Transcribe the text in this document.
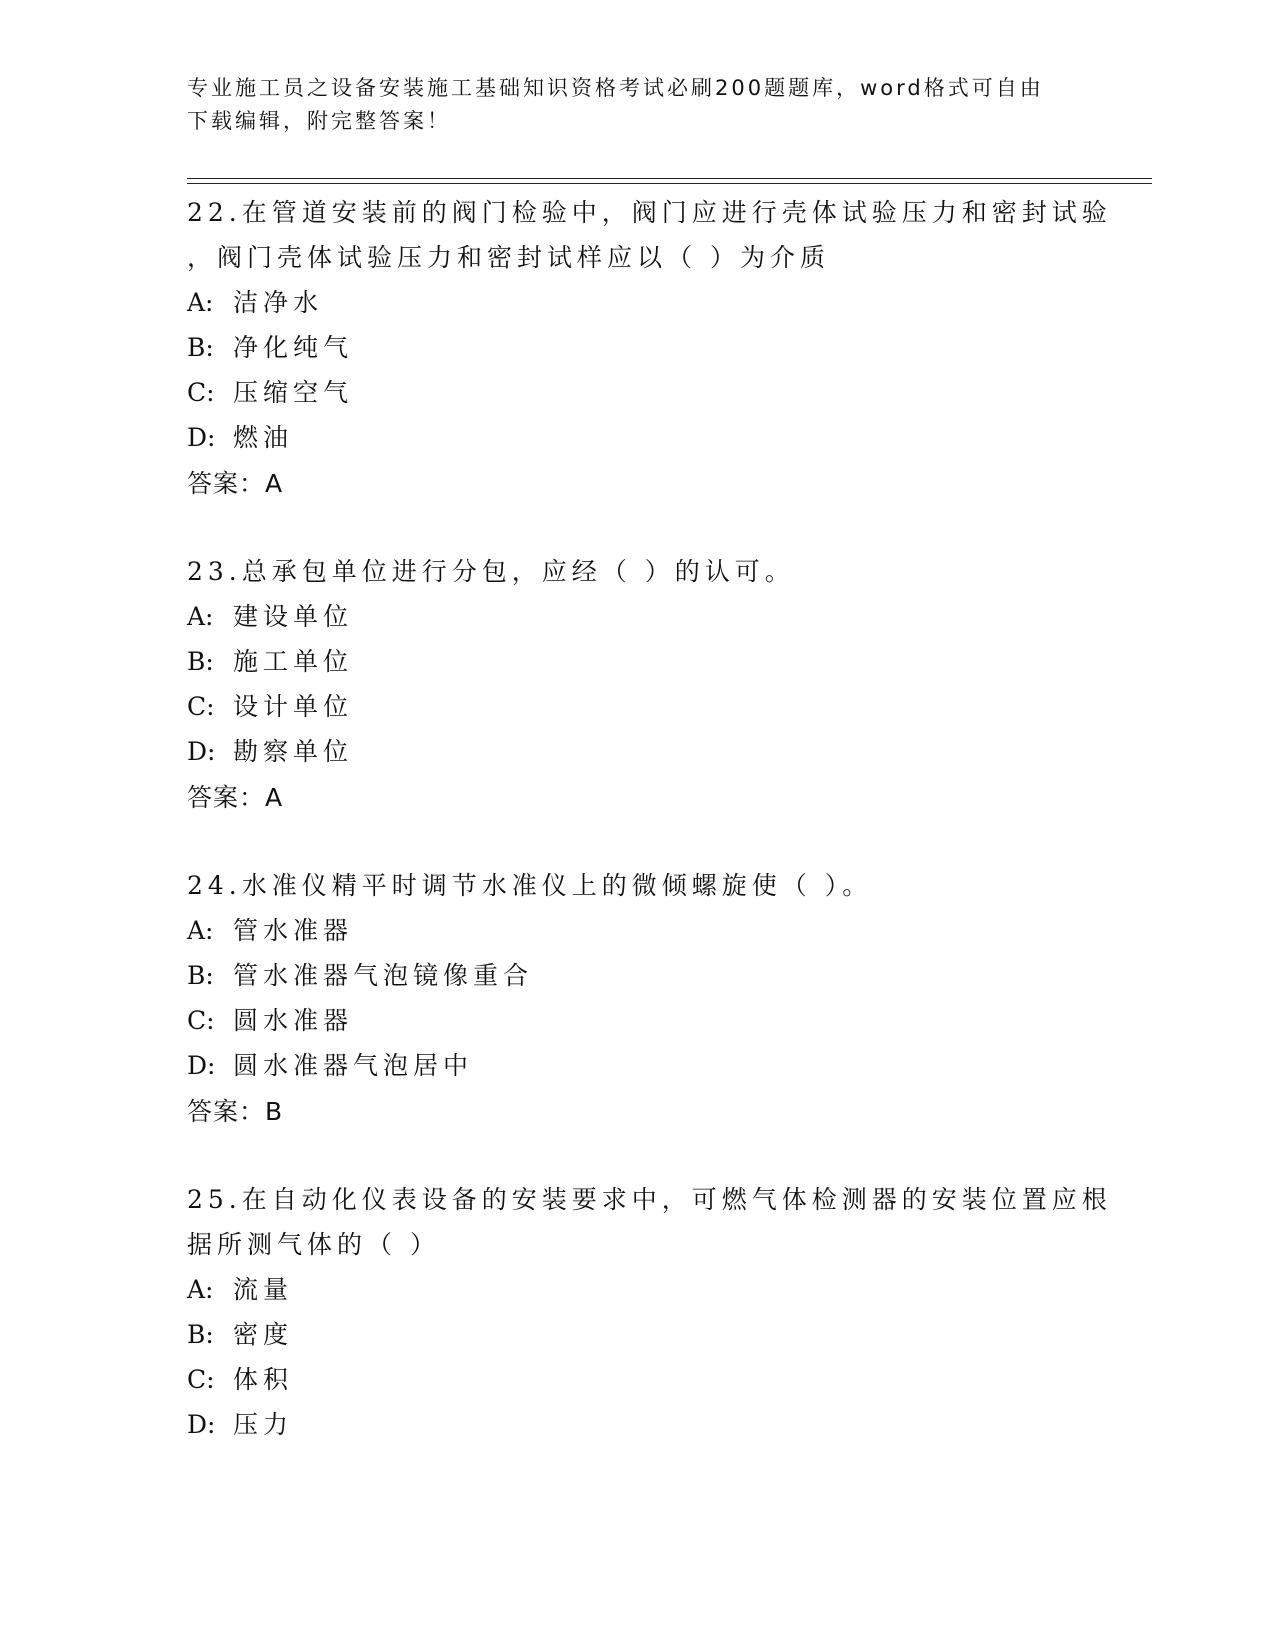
专业施工员之设备安装施工基础知识资格考试必刷200题题库，word格式可自由
下载编辑，附完整答案！

22.在管道安装前的阀门检验中，阀门应进行壳体试验压力和密封试验

，阀门壳体试验压力和密封试样应以（ ）为介质

A: 洁净水

B: 净化纯气

C: 压缩空气

D: 燃油

答案：A

23.总承包单位进行分包，应经（ ）的认可。

A: 建设单位

B: 施工单位

C: 设计单位

D: 勘察单位

答案：A

24.水准仪精平时调节水准仪上的微倾螺旋使（ ）。

A: 管水准器

B: 管水准器气泡镜像重合

C: 圆水准器

D: 圆水准器气泡居中

答案：B

25.在自动化仪表设备的安装要求中，可燃气体检测器的安装位置应根

据所测气体的（ ）

A: 流量

B: 密度

C: 体积

D: 压力
